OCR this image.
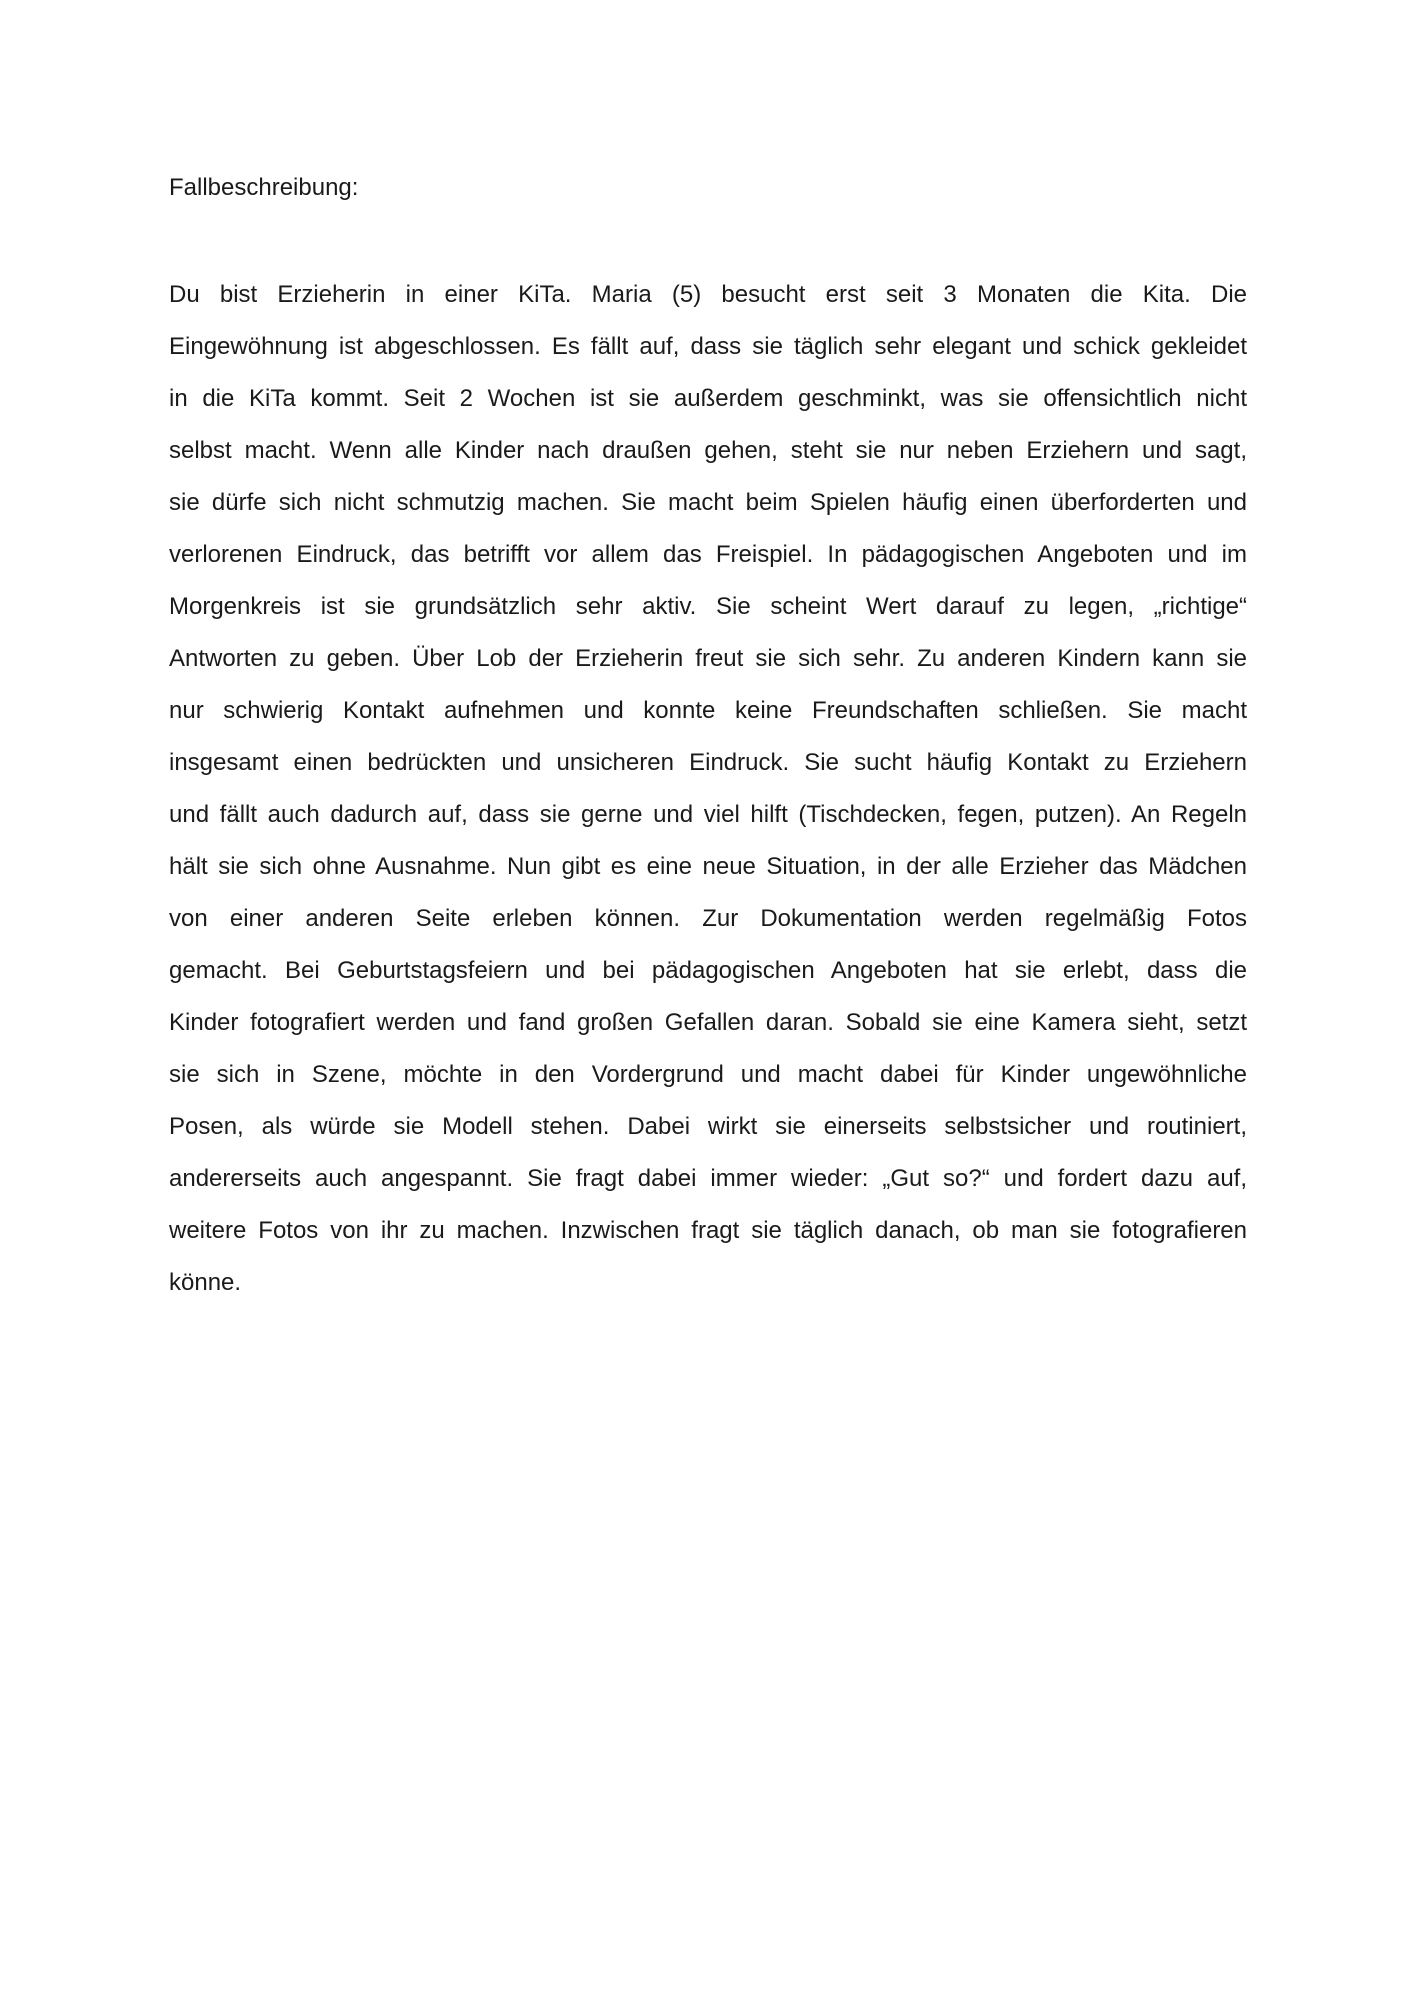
Fallbeschreibung:
Du bist Erzieherin in einer KiTa. Maria (5) besucht erst seit 3 Monaten die Kita. Die
Eingewöhnung ist abgeschlossen. Es fällt auf, dass sie täglich sehr elegant und schick gekleidet
in die KiTa kommt. Seit 2 Wochen ist sie außerdem geschminkt, was sie offensichtlich nicht
selbst macht. Wenn alle Kinder nach draußen gehen, steht sie nur neben Erziehern und sagt,
sie dürfe sich nicht schmutzig machen. Sie macht beim Spielen häufig einen überforderten und
verlorenen Eindruck, das betrifft vor allem das Freispiel. In pädagogischen Angeboten und im
Morgenkreis ist sie grundsätzlich sehr aktiv. Sie scheint Wert darauf zu legen, „richtige“
Antworten zu geben. Über Lob der Erzieherin freut sie sich sehr. Zu anderen Kindern kann sie
nur schwierig Kontakt aufnehmen und konnte keine Freundschaften schließen. Sie macht
insgesamt einen bedrückten und unsicheren Eindruck. Sie sucht häufig Kontakt zu Erziehern
und fällt auch dadurch auf, dass sie gerne und viel hilft (Tischdecken, fegen, putzen). An Regeln
hält sie sich ohne Ausnahme. Nun gibt es eine neue Situation, in der alle Erzieher das Mädchen
von einer anderen Seite erleben können. Zur Dokumentation werden regelmäßig Fotos
gemacht. Bei Geburtstagsfeiern und bei pädagogischen Angeboten hat sie erlebt, dass die
Kinder fotografiert werden und fand großen Gefallen daran. Sobald sie eine Kamera sieht, setzt
sie sich in Szene, möchte in den Vordergrund und macht dabei für Kinder ungewöhnliche
Posen, als würde sie Modell stehen. Dabei wirkt sie einerseits selbstsicher und routiniert,
andererseits auch angespannt. Sie fragt dabei immer wieder: „Gut so?“ und fordert dazu auf,
weitere Fotos von ihr zu machen. Inzwischen fragt sie täglich danach, ob man sie fotografieren
könne.
